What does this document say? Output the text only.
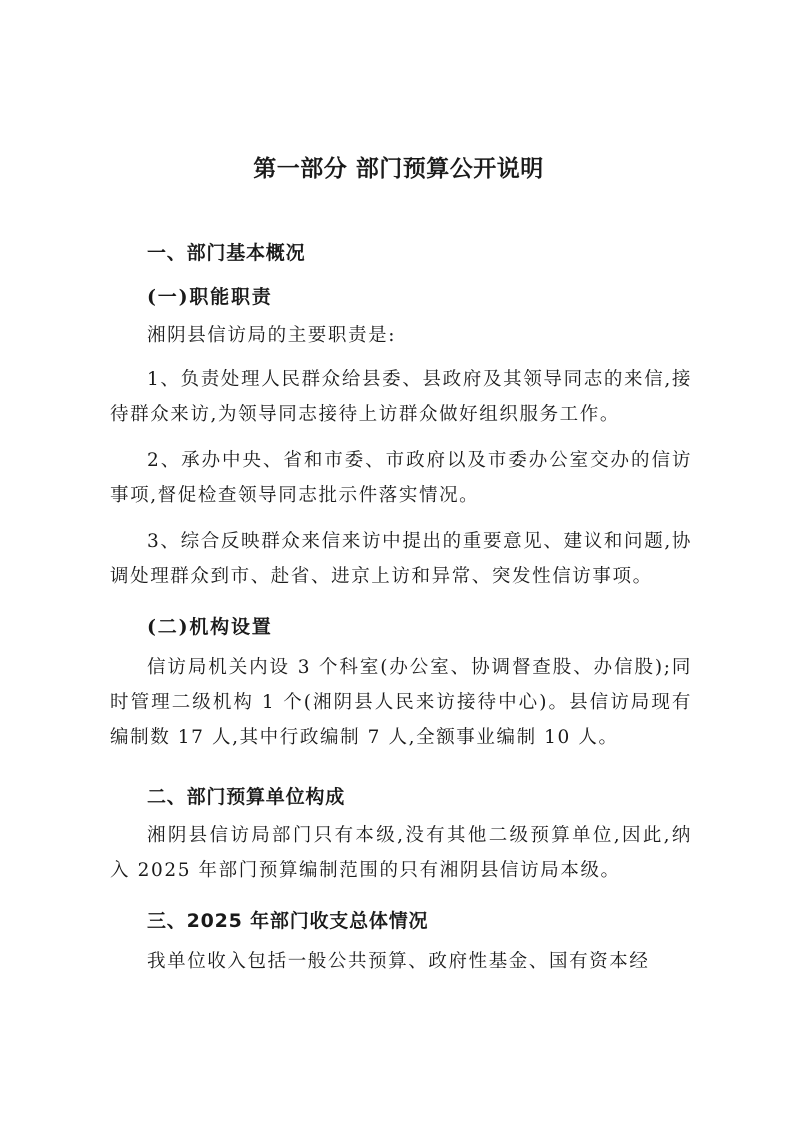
第一部分 部门预算公开说明
一、部门基本概况
(一)职能职责

湘阴县信访局的主要职责是:

1、负责处理人民群众给县委、县政府及其领导同志的来信,接待群众来访,为领导同志接待上访群众做好组织服务工作。

2、承办中央、省和市委、市政府以及市委办公室交办的信访事项,督促检查领导同志批示件落实情况。

3、综合反映群众来信来访中提出的重要意见、建议和问题,协调处理群众到市、赴省、进京上访和异常、突发性信访事项。

(二)机构设置

信访局机关内设 3 个科室(办公室、协调督查股、办信股);同时管理二级机构 1 个(湘阴县人民来访接待中心)。县信访局现有编制数 17 人,其中行政编制 7 人,全额事业编制 10 人。

二、部门预算单位构成

湘阴县信访局部门只有本级,没有其他二级预算单位,因此,纳入 2025 年部门预算编制范围的只有湘阴县信访局本级。

三、2025 年部门收支总体情况

我单位收入包括一般公共预算、政府性基金、国有资本经
